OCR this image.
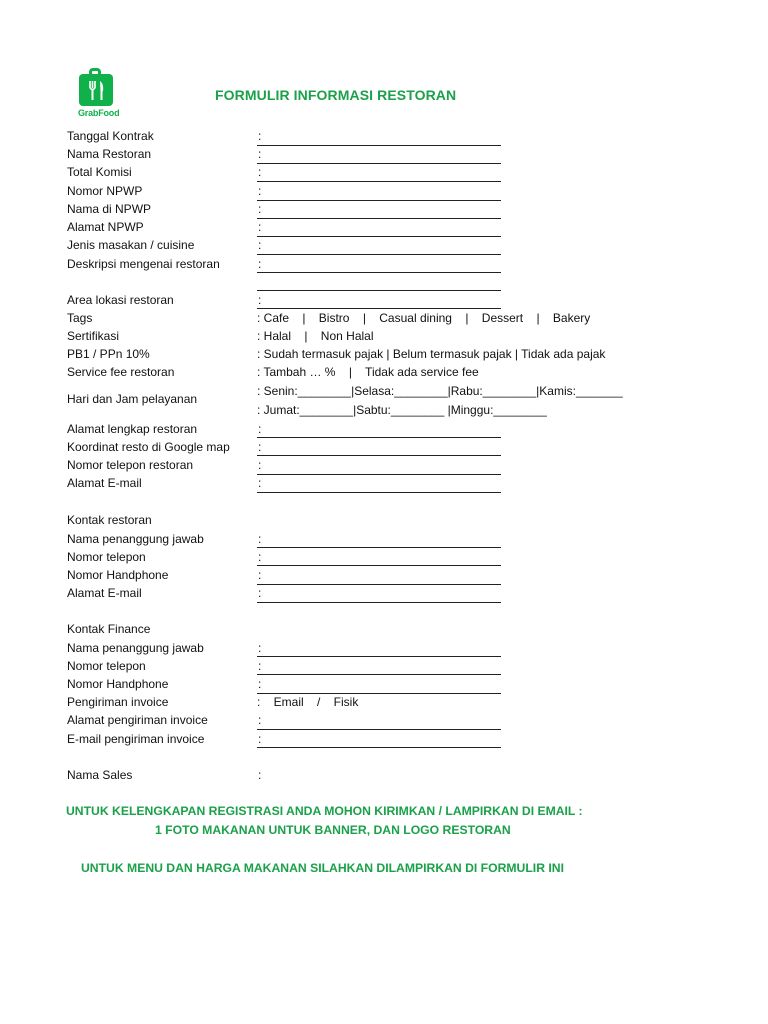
GrabFood
FORMULIR INFORMASI RESTORAN
Tanggal Kontrak	:
Nama Restoran	:
Total Komisi	:
Nomor NPWP	:
Nama di NPWP	:
Alamat NPWP	:
Jenis masakan / cuisine	:
Deskripsi mengenai restoran	:
Area lokasi restoran	:
Tags	: Cafe    |    Bistro    |    Casual dining    |    Dessert    |    Bakery
Sertifikasi	: Halal    |    Non Halal
PB1 / PPn 10%	: Sudah termasuk pajak | Belum termasuk pajak | Tidak ada pajak
Service fee restoran	: Tambah … %    |    Tidak ada service fee
Hari dan Jam pelayanan
: Senin:________|Selasa:________|Rabu:________|Kamis:_______
: Jumat:________|Sabtu:________ |Minggu:________
Alamat lengkap restoran	:
Koordinat resto di Google map :
Nomor telepon restoran	:
Alamat E-mail	:
Kontak restoran
Nama penanggung jawab	:
Nomor telepon	:
Nomor Handphone	:
Alamat E-mail	:
Kontak Finance
Nama penanggung jawab	:
Nomor telepon	:
Nomor Handphone	:
Pengiriman invoice	:    Email    /    Fisik
Alamat pengiriman invoice	:
E-mail pengiriman invoice	:
Nama Sales	:
UNTUK KELENGKAPAN REGISTRASI ANDA MOHON KIRIMKAN / LAMPIRKAN DI EMAIL :
1 FOTO MAKANAN UNTUK BANNER, DAN LOGO RESTORAN
UNTUK MENU DAN HARGA MAKANAN SILAHKAN DILAMPIRKAN DI FORMULIR INI
